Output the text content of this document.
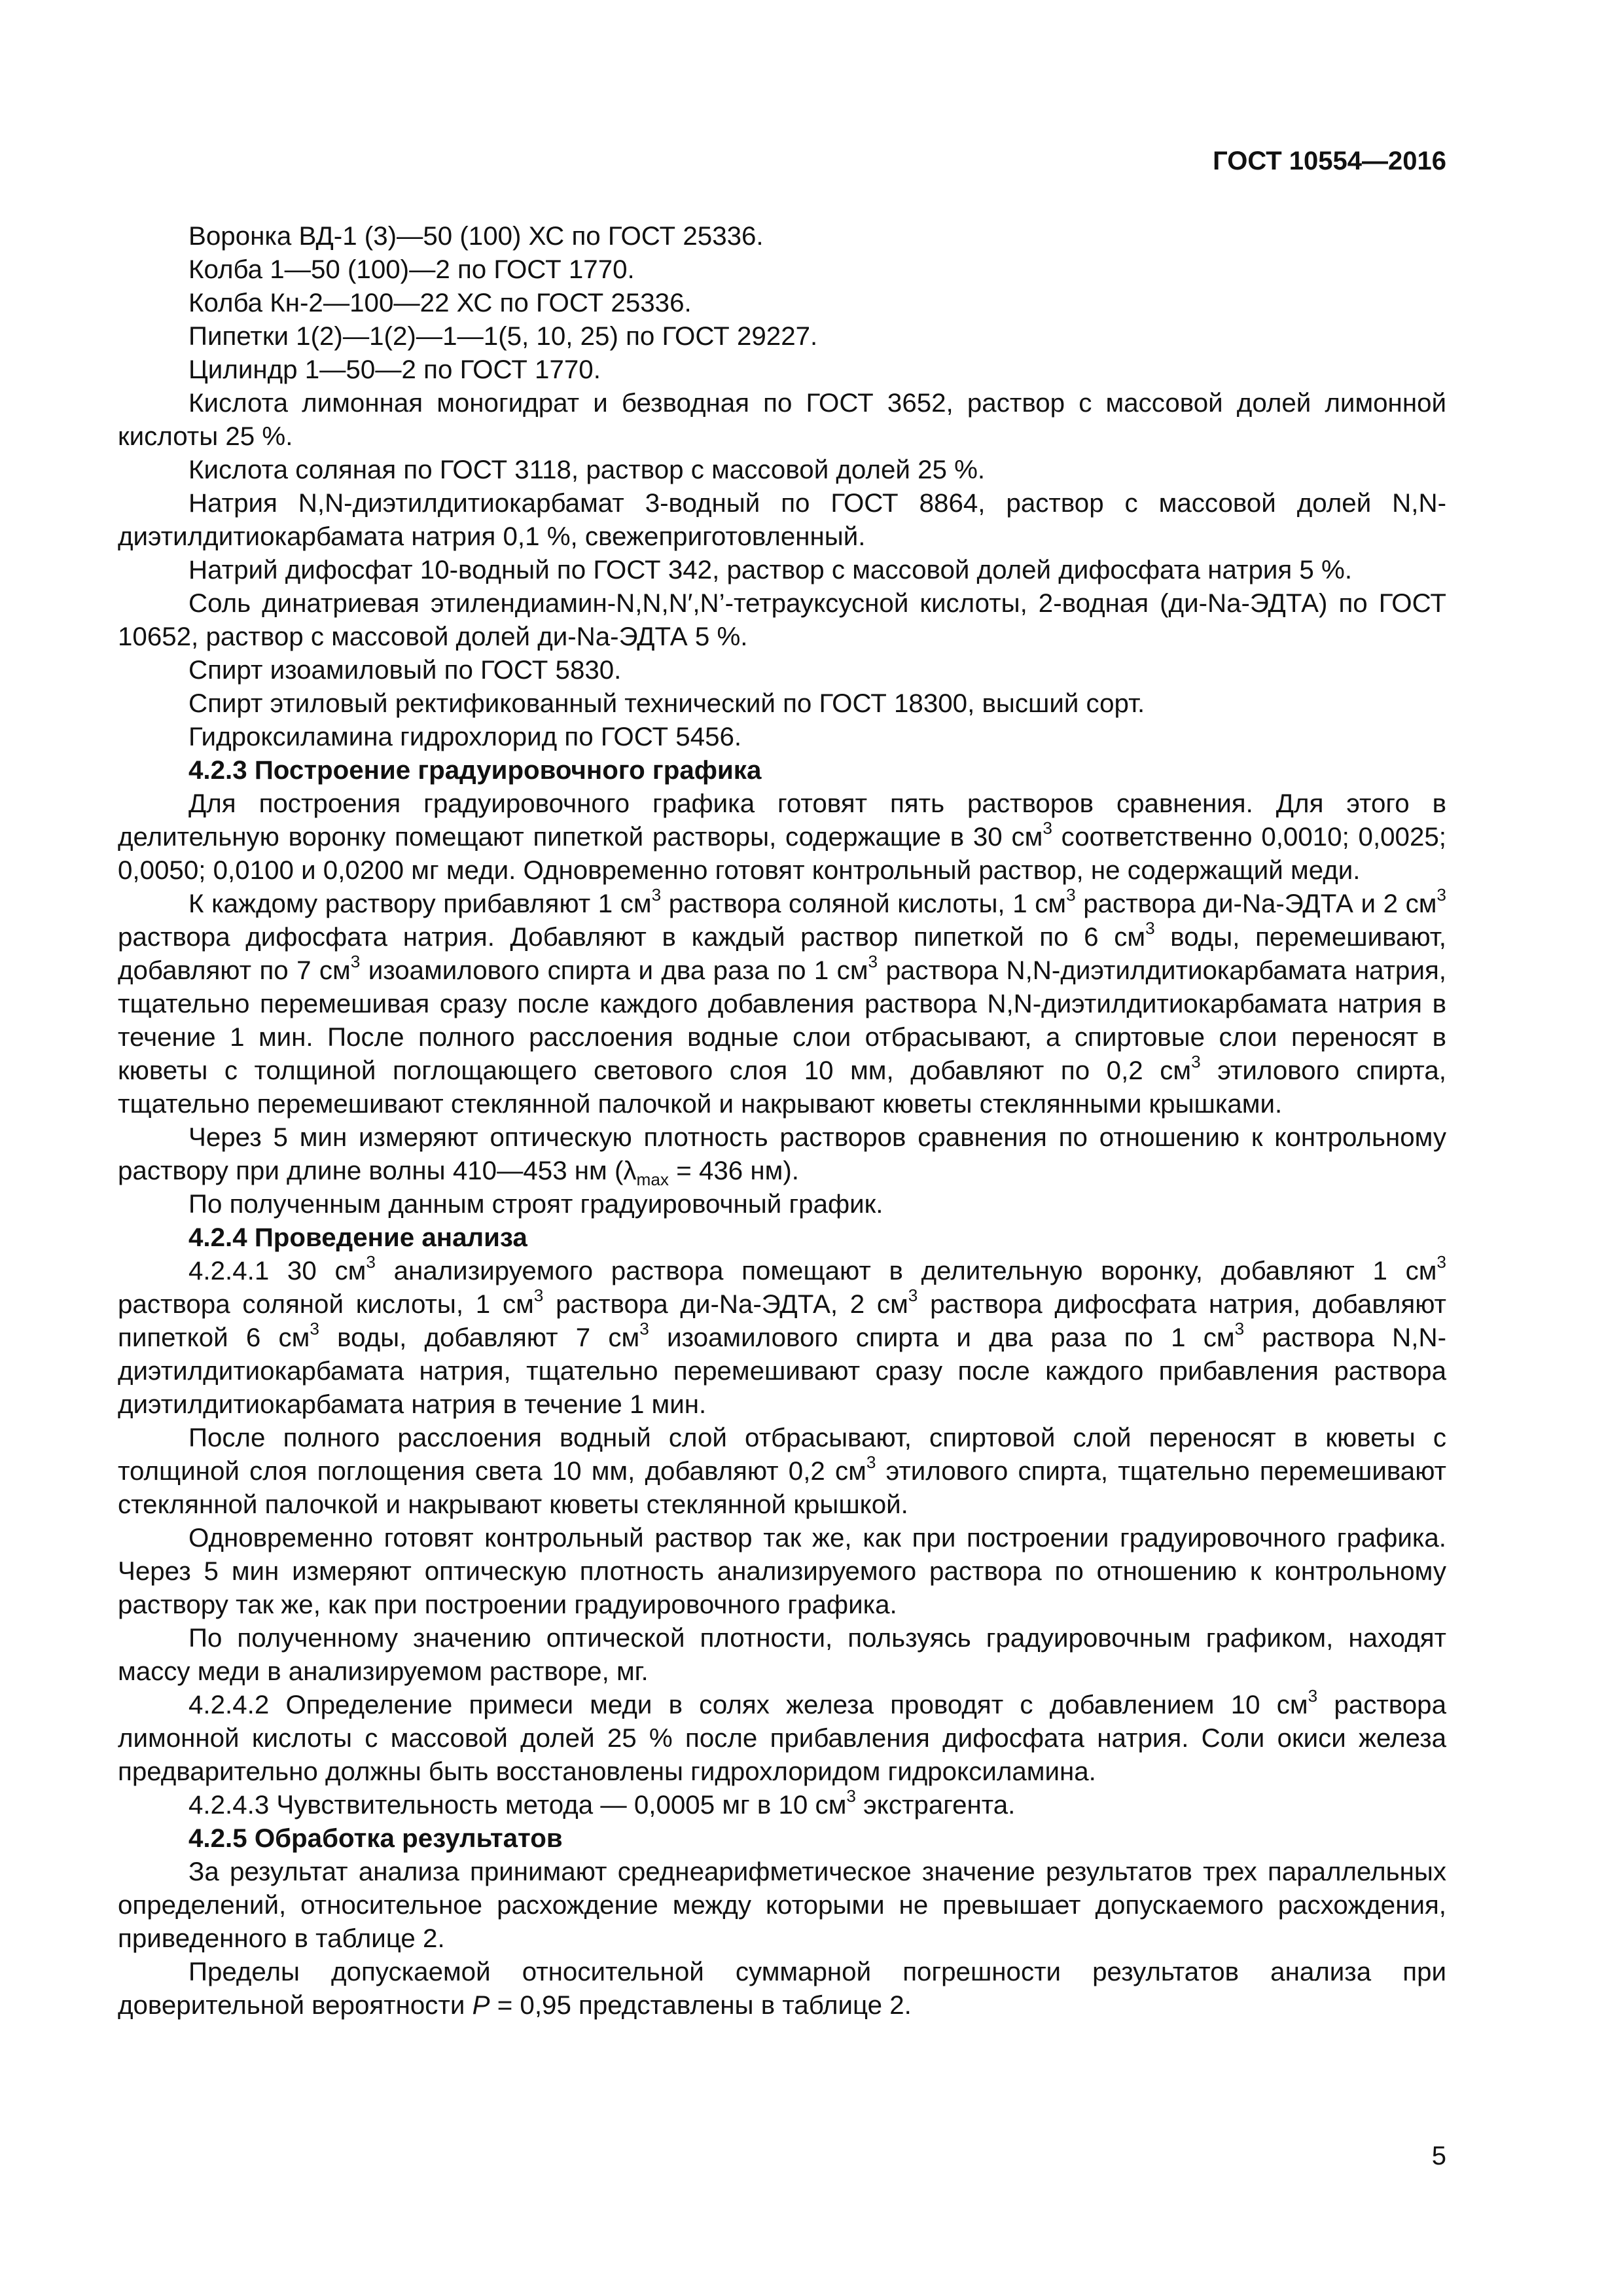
ГОСТ 10554—2016

Воронка ВД-1 (3)—50 (100) ХС по ГОСТ 25336.

Колба 1—50 (100)—2 по ГОСТ 1770.

Колба Кн-2—100—22 ХС по ГОСТ 25336.

Пипетки 1(2)—1(2)—1—1(5, 10, 25) по ГОСТ 29227.

Цилиндр 1—50—2 по ГОСТ 1770.

Кислота лимонная моногидрат и безводная по ГОСТ 3652, раствор с массовой долей лимонной кислоты 25 %.

Кислота соляная по ГОСТ 3118, раствор с массовой долей 25 %.

Натрия N,N-диэтилдитиокарбамат 3-водный по ГОСТ 8864, раствор с массовой долей N,N-диэтилдитиокарбамата натрия 0,1 %, свежеприготовленный.

Натрий дифосфат 10-водный по ГОСТ 342, раствор с массовой долей дифосфата натрия 5 %.

Соль динатриевая этилендиамин-N,N,N′,N’-тетрауксусной кислоты, 2-водная (ди-Na-ЭДТА) по ГОСТ 10652, раствор с массовой долей ди-Na-ЭДТА 5 %.

Спирт изоамиловый по ГОСТ 5830.

Спирт этиловый ректификованный технический по ГОСТ 18300, высший сорт.

Гидроксиламина гидрохлорид по ГОСТ 5456.

4.2.3 Построение градуировочного графика

Для построения градуировочного графика готовят пять растворов сравнения. Для этого в делительную воронку помещают пипеткой растворы, содержащие в 30 $см^3$ соответственно 0,0010; 0,0025; 0,0050; 0,0100 и 0,0200 мг меди. Одновременно готовят контрольный раствор, не содержащий меди.

К каждому раствору прибавляют 1 $см^3$ раствора соляной кислоты, 1 $см^3$ раствора ди-Na-ЭДТА и 2 $см^3$ раствора дифосфата натрия. Добавляют в каждый раствор пипеткой по 6 $см^3$ воды, перемешивают, добавляют по 7 $см^3$ изоамилового спирта и два раза по 1 $см^3$ раствора N,N-диэтилдитиокарбамата натрия, тщательно перемешивая сразу после каждого добавления раствора N,N-диэтилдитиокарбамата натрия в течение 1 мин. После полного расслоения водные слои отбрасывают, а спиртовые слои переносят в кюветы с толщиной поглощающего светового слоя 10 мм, добавляют по 0,2 $см^3$ этилового спирта, тщательно перемешивают стеклянной палочкой и накрывают кюветы стеклянными крышками.

Через 5 мин измеряют оптическую плотность растворов сравнения по отношению к контрольному раствору при длине волны 410—453 нм ($\lambda_{max} = 436$ нм).

По полученным данным строят градуировочный график.

4.2.4 Проведение анализа

4.2.4.1 30 $см^3$ анализируемого раствора помещают в делительную воронку, добавляют 1 $см^3$ раствора соляной кислоты, 1 $см^3$ раствора ди-Na-ЭДТА, 2 $см^3$ раствора дифосфата натрия, добавляют пипеткой 6 $см^3$ воды, добавляют 7 $см^3$ изоамилового спирта и два раза по 1 $см^3$ раствора N,N-диэтилдитиокарбамата натрия, тщательно перемешивают сразу после каждого прибавления раствора диэтилдитиокарбамата натрия в течение 1 мин.

После полного расслоения водный слой отбрасывают, спиртовой слой переносят в кюветы с толщиной слоя поглощения света 10 мм, добавляют 0,2 $см^3$ этилового спирта, тщательно перемешивают стеклянной палочкой и накрывают кюветы стеклянной крышкой.

Одновременно готовят контрольный раствор так же, как при построении градуировочного графика. Через 5 мин измеряют оптическую плотность анализируемого раствора по отношению к контрольному раствору так же, как при построении градуировочного графика.

По полученному значению оптической плотности, пользуясь градуировочным графиком, находят массу меди в анализируемом растворе, мг.

4.2.4.2 Определение примеси меди в солях железа проводят с добавлением 10 $см^3$ раствора лимонной кислоты с массовой долей 25 % после прибавления дифосфата натрия. Соли окиси железа предварительно должны быть восстановлены гидрохлоридом гидроксиламина.

4.2.4.3 Чувствительность метода — 0,0005 мг в 10 $см^3$ экстрагента.

4.2.5 Обработка результатов

За результат анализа принимают среднеарифметическое значение результатов трех параллельных определений, относительное расхождение между которыми не превышает допускаемого расхождения, приведенного в таблице 2.

Пределы допускаемой относительной суммарной погрешности результатов анализа при доверительной вероятности P = 0,95 представлены в таблице 2.

5
